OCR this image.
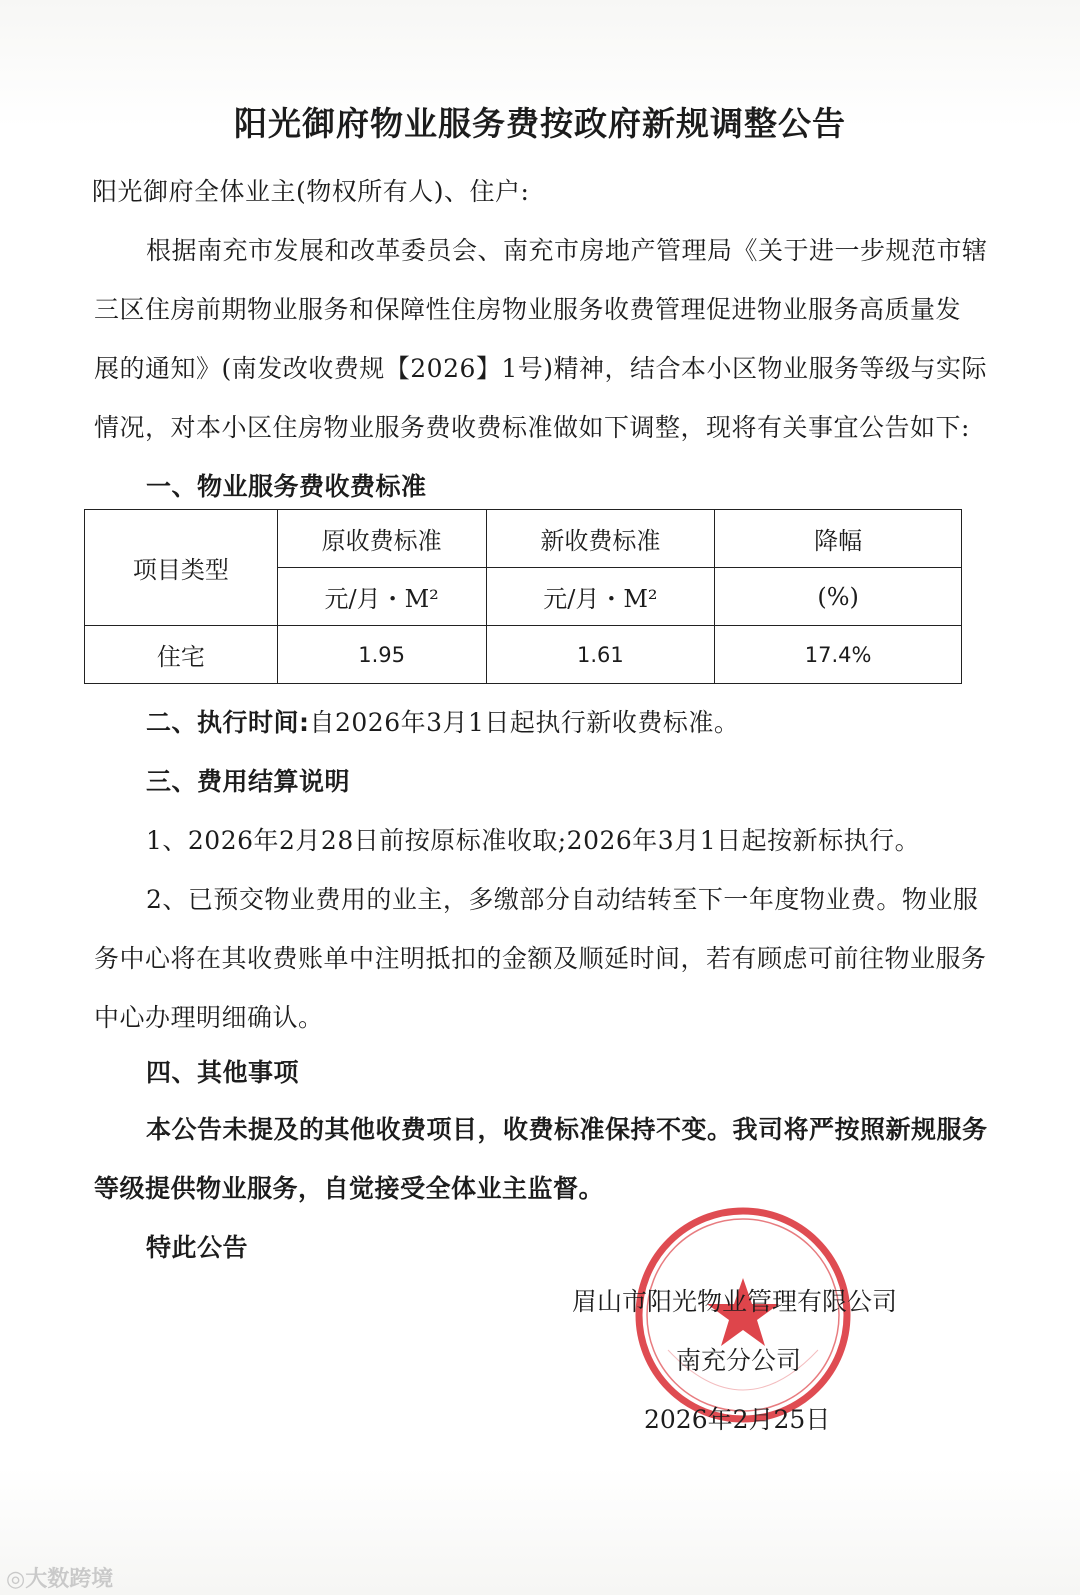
阳光御府物业服务费按政府新规调整公告
阳光御府全体业主(物权所有人)、住户:
根据南充市发展和改革委员会、南充市房地产管理局《关于进一步规范市辖
三区住房前期物业服务和保障性住房物业服务收费管理促进物业服务高质量发
展的通知》(南发改收费规【2026】1号)精神，结合本小区物业服务等级与实际
情况，对本小区住房物业服务费收费标准做如下调整，现将有关事宜公告如下:
一、物业服务费收费标准
项目类型	原收费标准	新收费标准	降幅
	元/月・M²	元/月・M²	(%)
住宅	1.95	1.61	17.4%
二、执行时间:自2026年3月1日起执行新收费标准。
三、费用结算说明
1、2026年2月28日前按原标准收取;2026年3月1日起按新标执行。
2、已预交物业费用的业主，多缴部分自动结转至下一年度物业费。物业服
务中心将在其收费账单中注明抵扣的金额及顺延时间，若有顾虑可前往物业服务
中心办理明细确认。
四、其他事项
本公告未提及的其他收费项目，收费标准保持不变。我司将严按照新规服务
等级提供物业服务，自觉接受全体业主监督。
特此公告
眉山市阳光物业管理有限公司
南充分公司
2026年2月25日
◎大数跨境
